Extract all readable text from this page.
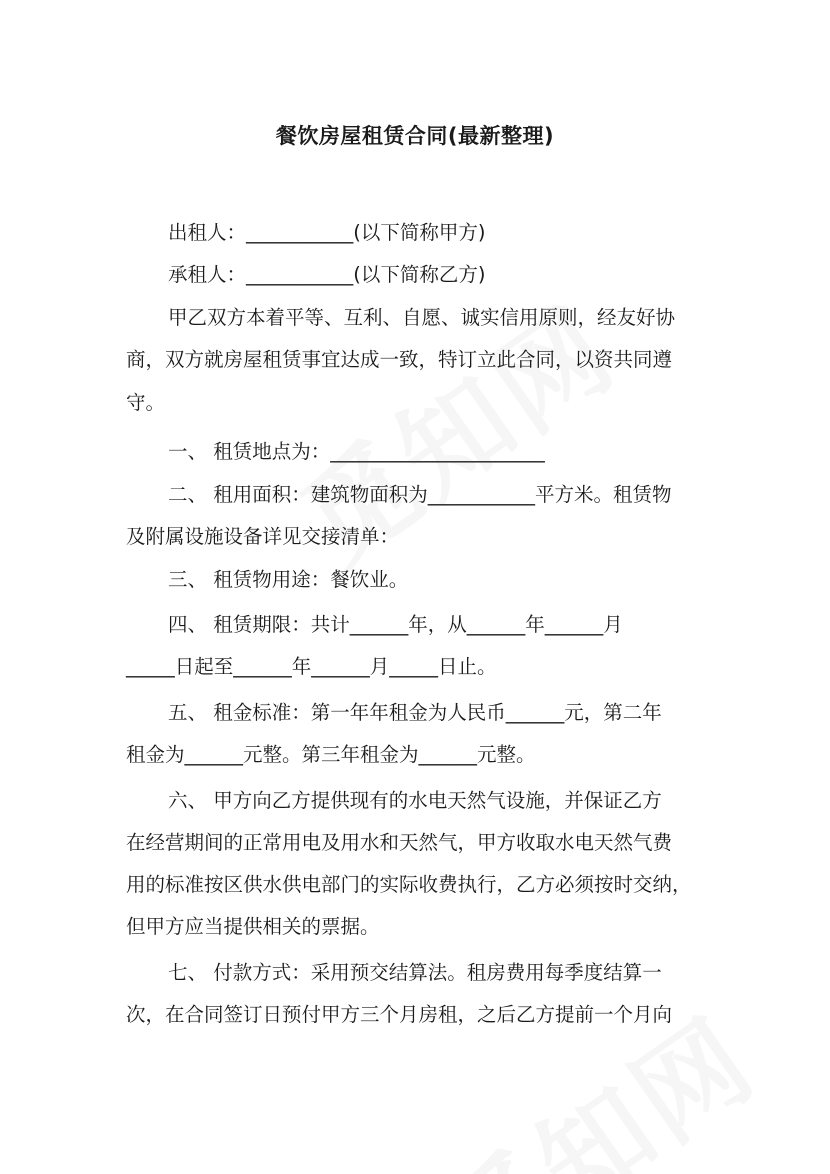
餐饮房屋租赁合同(最新整理)
出租人：___________(以下简称甲方)
承租人：___________(以下简称乙方)
甲乙双方本着平等、互利、自愿、诚实信用原则，经友好协
商，双方就房屋租赁事宜达成一致，特订立此合同，以资共同遵
守。
一、 租赁地点为：______________________
二、 租用面积：建筑物面积为___________平方米。租赁物
及附属设施设备详见交接清单：
三、 租赁物用途：餐饮业。
四、 租赁期限：共计______年，从______年______月
_____日起至______年______月_____日止。
五、 租金标准：第一年年租金为人民币______元，第二年
租金为______元整。第三年租金为______元整。
六、 甲方向乙方提供现有的水电天然气设施，并保证乙方
在经营期间的正常用电及用水和天然气，甲方收取水电天然气费
用的标准按区供水供电部门的实际收费执行，乙方必须按时交纳，
但甲方应当提供相关的票据。
七、 付款方式：采用预交结算法。租房费用每季度结算一
次，在合同签订日预付甲方三个月房租，之后乙方提前一个月向
